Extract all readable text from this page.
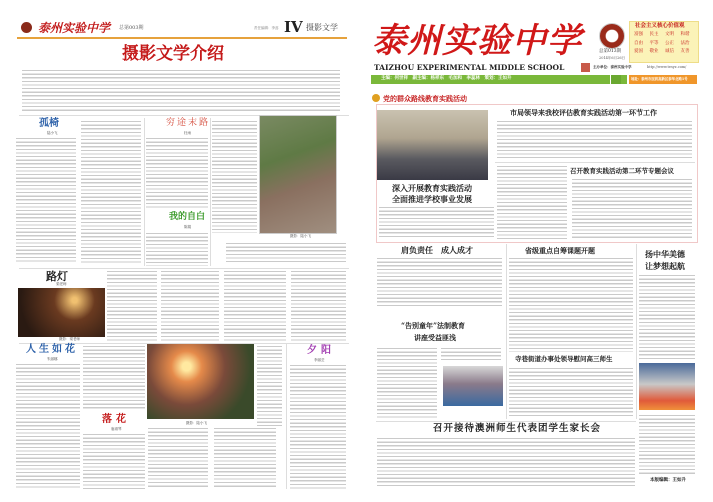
泰州实验中学 总第003期	责任编辑：李蕊 IV 摄影文学
摄影文学介绍
孤椅
陆小飞
穷途末路
杜雨
我的自白
陈娟
摄影：陆小飞
路灯
梁老师
摄影：梁老师
人生如花
朱丽娜
落花
唐淑琴
摄影：陆小飞
夕阳
李丽芸
泰州实验中学
TAIZHOU EXPERIMENTAL MIDDLE SCHOOL
总第013期
2014年6月26日
主办单位：泰州实验中学	http://www.tesyz.com/
社会主义核心价值观
富强	民主	文明	和谐
自由	平等	公正	法治
爱国	敬业	诚信	友善
主编：何世祥　副主编：杨祥东　毛加和　李蕊林　策划：王如升	地址：泰州市医药高新区泰华北路1号
党的群众路线教育实践活动
深入开展教育实践活动
全面推进学校事业发展
市局领导来我校评估教育实践活动第一环节工作
召开教育实践活动第二环节专题会议
肩负责任　成人成才	省级重点自筹课题开题	扬中华美德
让梦想起航
“告别童年”法制教育
讲座受益匪浅
寺巷街道办事处领导慰问高三师生
召开接待澳洲师生代表团学生家长会
本版编辑：王如升
